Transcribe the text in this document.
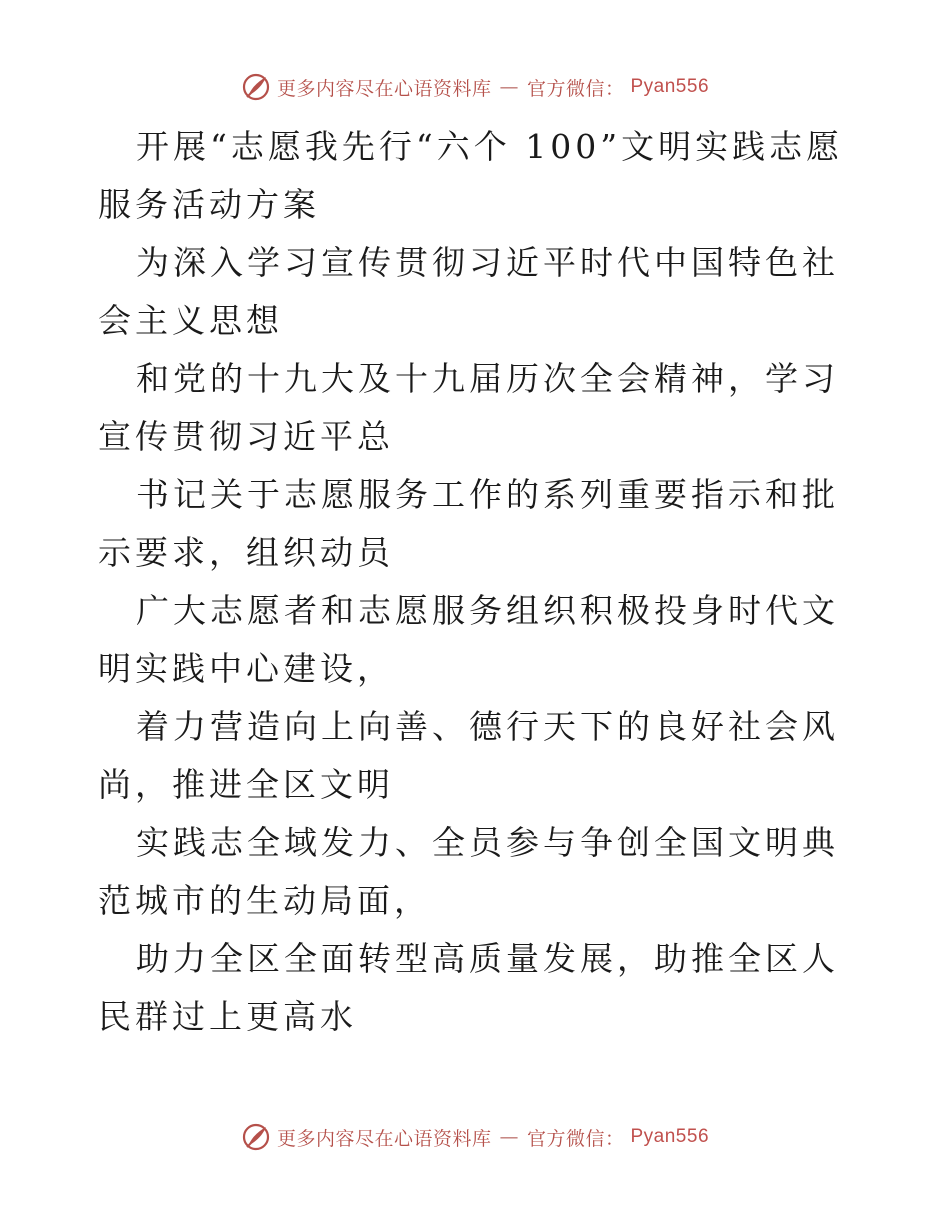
更多内容尽在心语资料库 — 官方微信： Pyan556

开展“志愿我先行“六个 100”文明实践志愿服务活动方案

为深入学习宣传贯彻习近平时代中国特色社会主义思想

和党的十九大及十九届历次全会精神，学习宣传贯彻习近平总

书记关于志愿服务工作的系列重要指示和批示要求，组织动员

广大志愿者和志愿服务组织积极投身时代文明实践中心建设，

着力营造向上向善、德行天下的良好社会风尚，推进全区文明

实践志全域发力、全员参与争创全国文明典范城市的生动局面，

助力全区全面转型高质量发展，助推全区人民群过上更高水

更多内容尽在心语资料库 — 官方微信： Pyan556
